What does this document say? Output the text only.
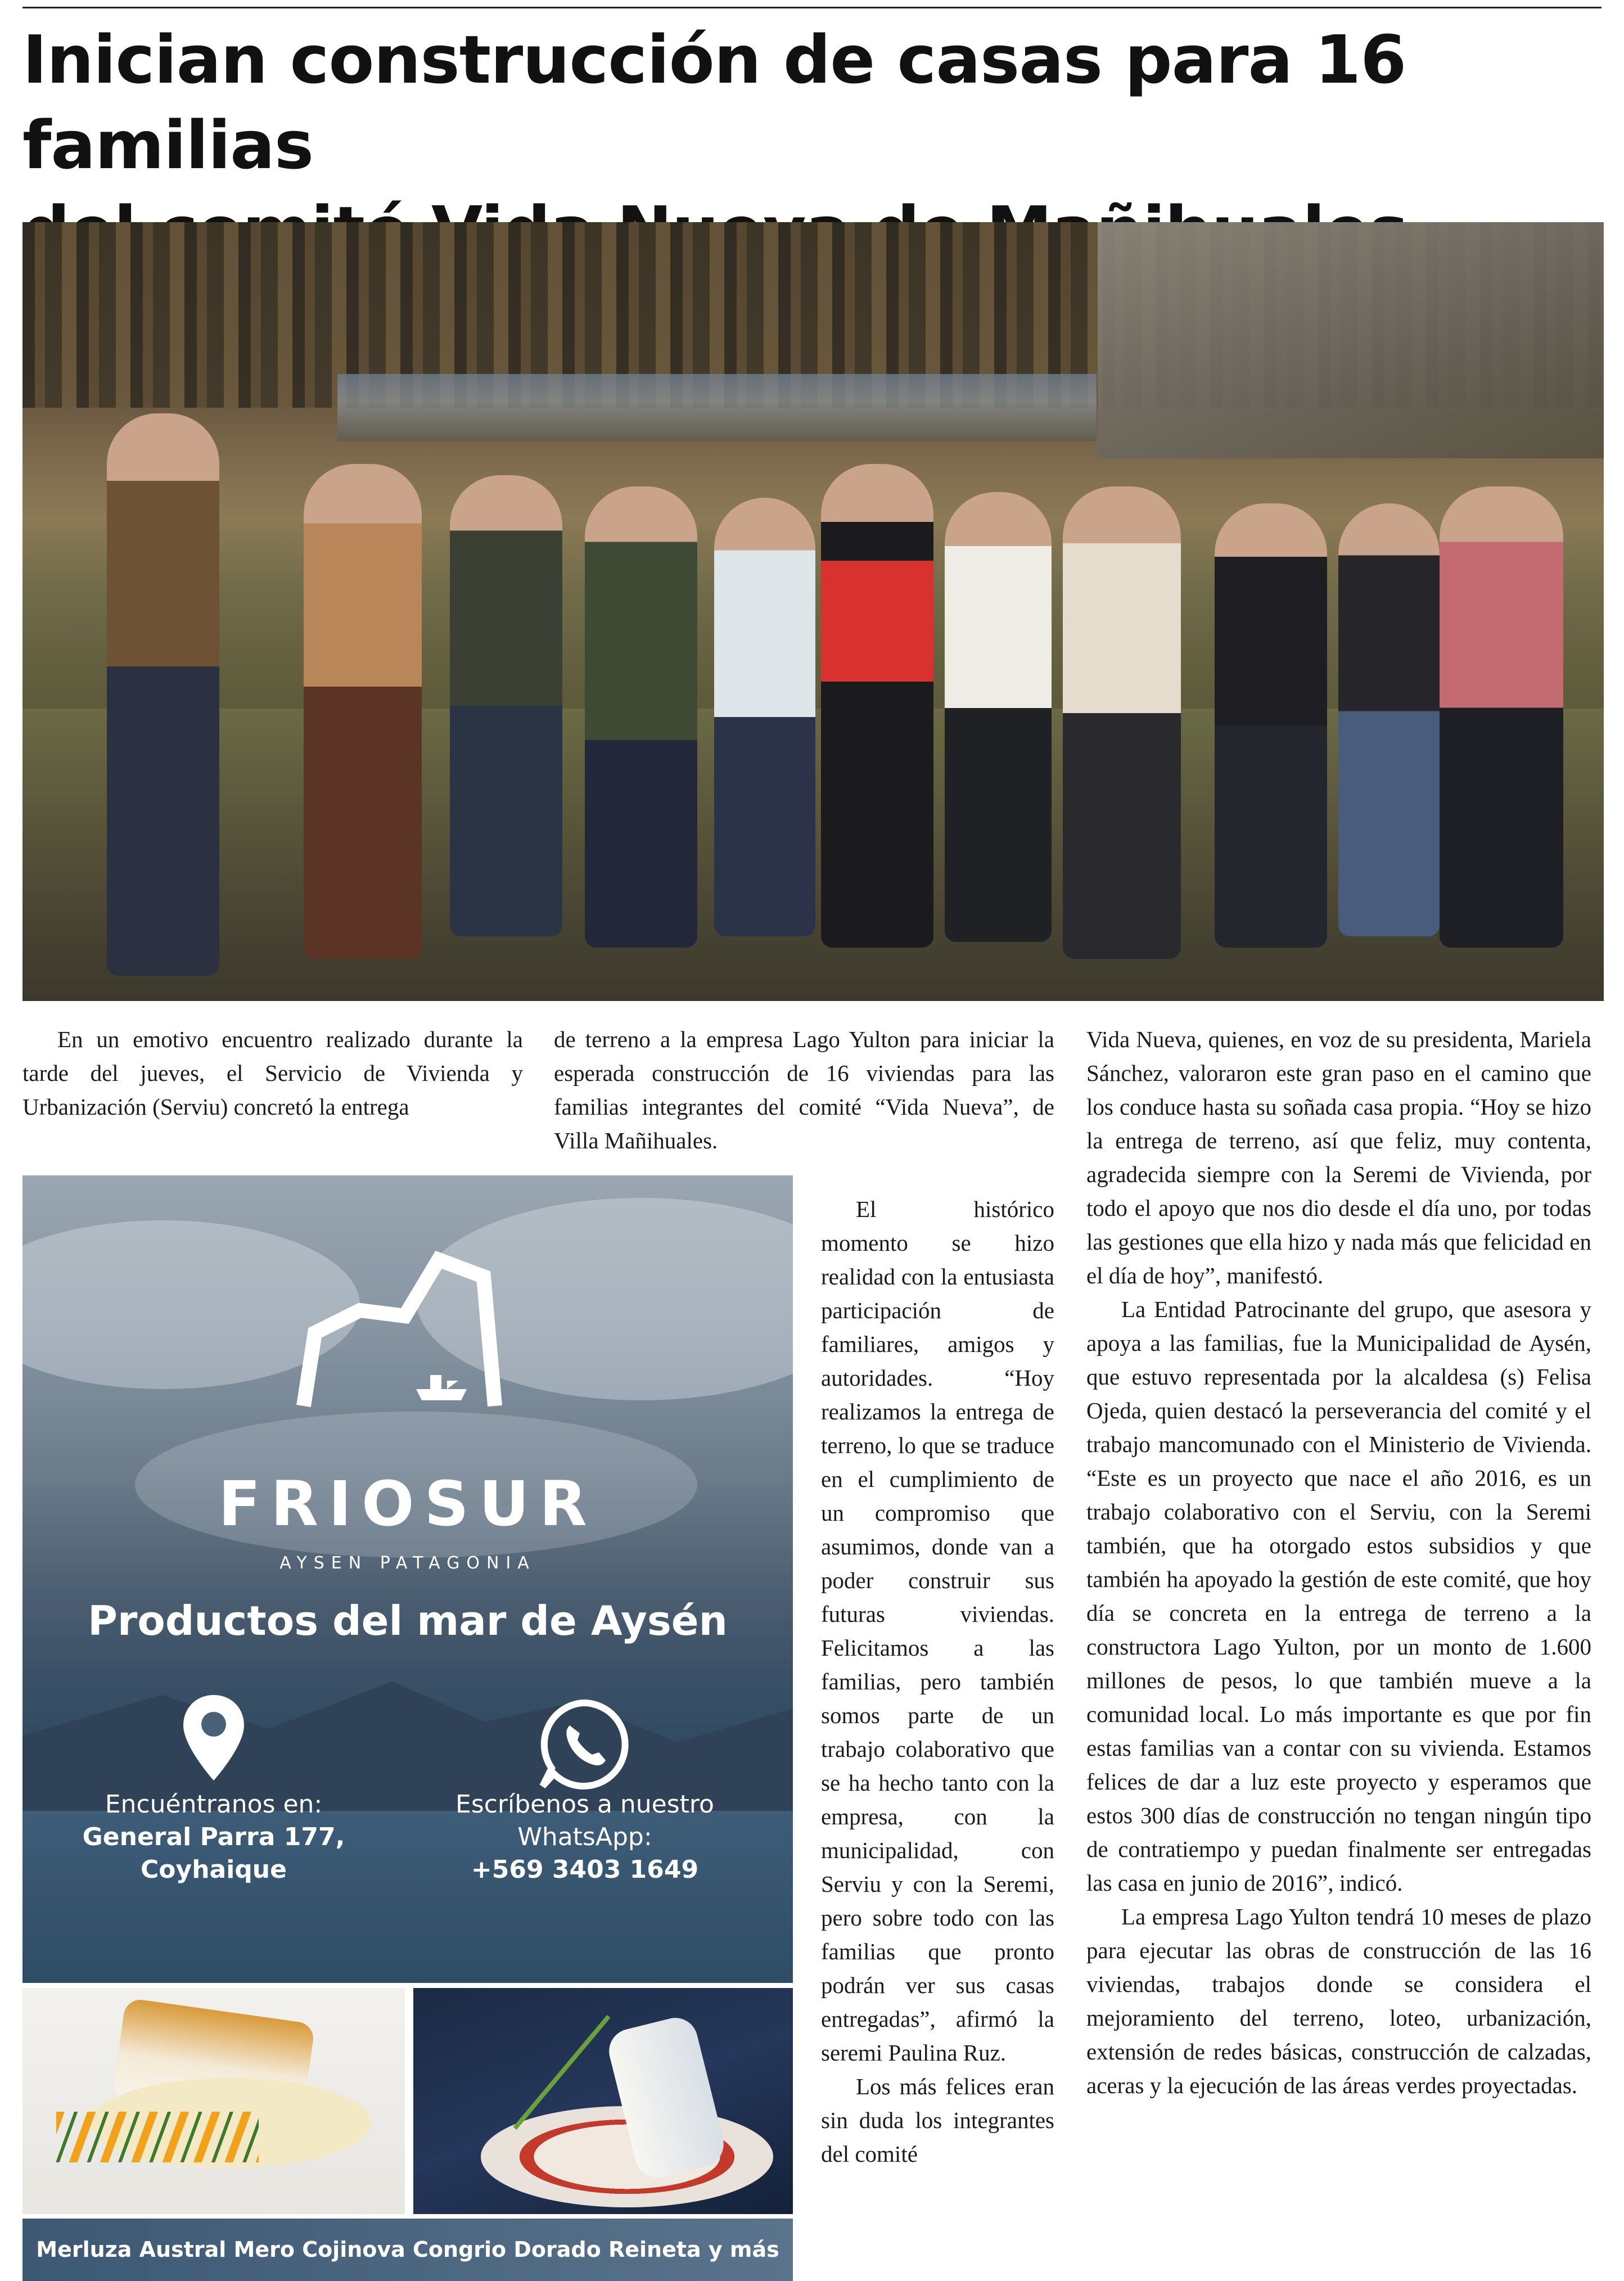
Inician construcción de casas para 16 familias

En un emotivo encuentro realizado durante la tarde del jueves, el Servicio de Vivienda y Urbanización (Serviu) concretó la entrega

de terreno a la empresa Lago Yulton para iniciar la esperada construcción de 16 viviendas para las familias integrantes del comité “Vida Nueva”, de Villa Mañihuales.

El histórico momento se hizo realidad con la entusiasta participación de familiares, amigos y autoridades. “Hoy realizamos la entrega de terreno, lo que se traduce en el cumplimiento de un compromiso que asumimos, donde van a poder construir sus futuras viviendas. Felicitamos a las familias, pero también somos parte de un trabajo colaborativo que se ha hecho tanto con la empresa, con la municipalidad, con Serviu y con la Seremi, pero sobre todo con las familias que pronto podrán ver sus casas entregadas”, afirmó la seremi Paulina Ruz.

Los más felices eran sin duda los integrantes del comité

Vida Nueva, quienes, en voz de su presidenta, Mariela Sánchez, valoraron este gran paso en el camino que los conduce hasta su soñada casa propia. “Hoy se hizo la entrega de terreno, así que feliz, muy contenta, agradecida siempre con la Seremi de Vivienda, por todo el apoyo que nos dio desde el día uno, por todas las gestiones que ella hizo y nada más que felicidad en el día de hoy”, manifestó.

La Entidad Patrocinante del grupo, que asesora y apoya a las familias, fue la Municipalidad de Aysén, que estuvo representada por la alcaldesa (s) Felisa Ojeda, quien destacó la perseverancia del comité y el trabajo mancomunado con el Ministerio de Vivienda. “Este es un proyecto que nace el año 2016, es un trabajo colaborativo con el Serviu, con la Seremi también, que ha otorgado estos subsidios y que también ha apoyado la gestión de este comité, que hoy día se concreta en la entrega de terreno a la constructora Lago Yulton, por un monto de 1.600 millones de pesos, lo que también mueve a la comunidad local. Lo más importante es que por fin estas familias van a contar con su vivienda. Estamos felices de dar a luz este proyecto y esperamos que estos 300 días de construcción no tengan ningún tipo de contratiempo y puedan finalmente ser entregadas las casa en junio de 2016”, indicó.

La empresa Lago Yulton tendrá 10 meses de plazo para ejecutar las obras de construcción de las 16 viviendas, trabajos donde se considera el mejoramiento del terreno, loteo, urbanización, extensión de redes básicas, construcción de calzadas, aceras y la ejecución de las áreas verdes proyectadas.

FRIOSUR
AYSEN PATAGONIA
Productos del mar de Aysén
Encuéntranos en:
General Parra 177,
Coyhaique
Escríbenos a nuestro
WhatsApp:
+569 3403 1649
Merluza Austral Mero Cojinova Congrio Dorado Reineta y más
